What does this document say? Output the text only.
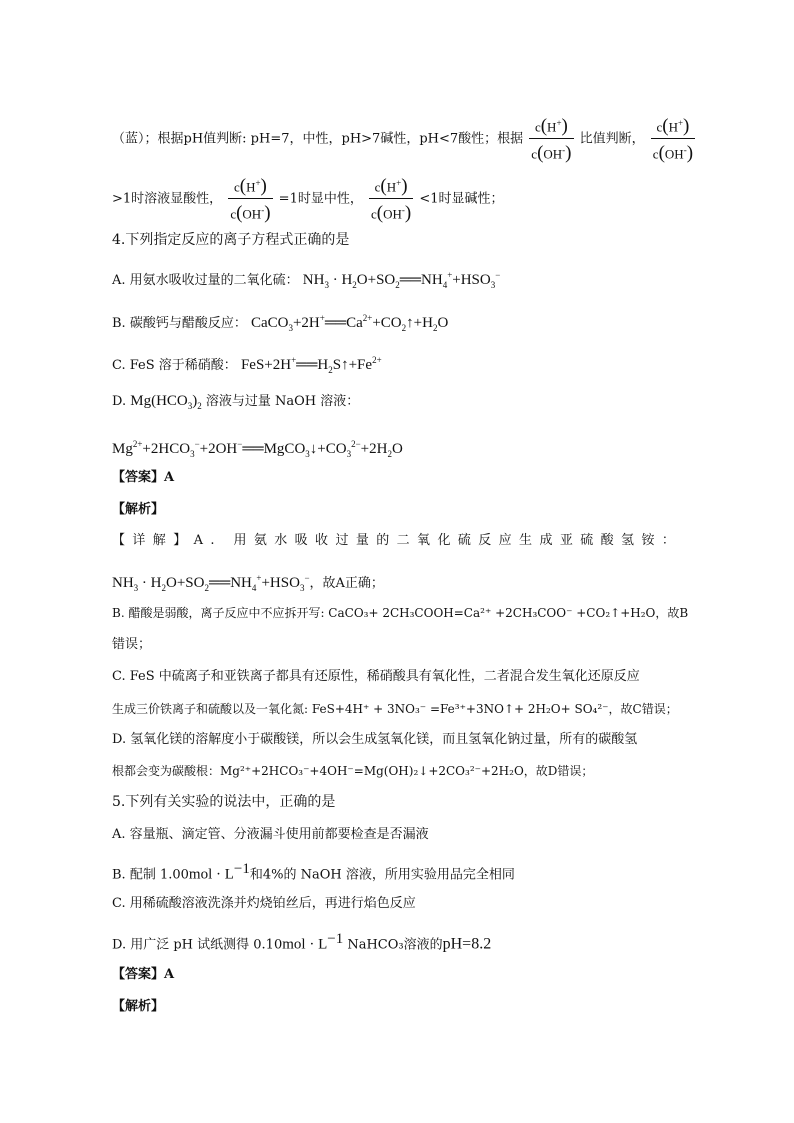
（蓝）；根据pH值判断: pH=7，中性，pH>7碱性，pH<7酸性；根据 $\frac{c(H^+)}{c(OH^-)}$ 比值判断， $\frac{c(H^+)}{c(OH^-)}$
>1时溶液显酸性， $\frac{c(H^+)}{c(OH^-)} =1$时显中性， $\frac{c(H^+)}{c(OH^-)} <1$时显碱性；
4.下列指定反应的离子方程式正确的是
A. 用氨水吸收过量的二氧化硫： $NH_3$ · $H_2O+SO_2══NH_4^++HSO_3^-$
B. 碳酸钙与醋酸反应： $CaCO_3+2H^+══Ca^{2+}+CO_2↑+H_2O$
C. FeS 溶于稀硝酸： $FeS+2H^+══H_2S↑+Fe^{2+}$
D. $Mg(HCO_3)_2$ 溶液与过量 NaOH 溶液：
$Mg^{2+}+2HCO_3^-+2OH^-══MgCO_3↓+CO_3^{2-}+2H_2O$
【答案】A
【解析】
【详解】A. 用氨水吸收过量的二氧化硫反应生成亚硫酸氢铵：
$NH_3$ · $H_2O+SO_2══NH_4^++HSO_3^-$，故A正确；
B. 醋酸是弱酸，离子反应中不应拆开写: CaCO₃+ 2CH₃COOH=Ca²⁺ +2CH₃COO⁻ +CO₂↑+H₂O，故B
错误；
C. FeS 中硫离子和亚铁离子都具有还原性，稀硝酸具有氧化性，二者混合发生氧化还原反应
生成三价铁离子和硫酸以及一氧化氮: FeS+4H⁺ + 3NO₃⁻ =Fe³⁺+3NO↑+ 2H₂O+ SO₄²⁻，故C错误；
D. 氢氧化镁的溶解度小于碳酸镁，所以会生成氢氧化镁，而且氢氧化钠过量，所有的碳酸氢
根都会变为碳酸根：Mg²⁺+2HCO₃⁻+4OH⁻=Mg(OH)₂↓+2CO₃²⁻+2H₂O，故D错误；
5.下列有关实验的说法中，正确的是
A. 容量瓶、滴定管、分液漏斗使用前都要检查是否漏液
B. 配制 $1.00mol \cdot L^{-1}$和4%的 NaOH 溶液，所用实验用品完全相同
C. 用稀硫酸溶液洗涤并灼烧铂丝后，再进行焰色反应
D. 用广泛 pH 试纸测得 $0.10mol \cdot L^{-1}$ NaHCO₃溶液的pH=8.2
【答案】A
【解析】
